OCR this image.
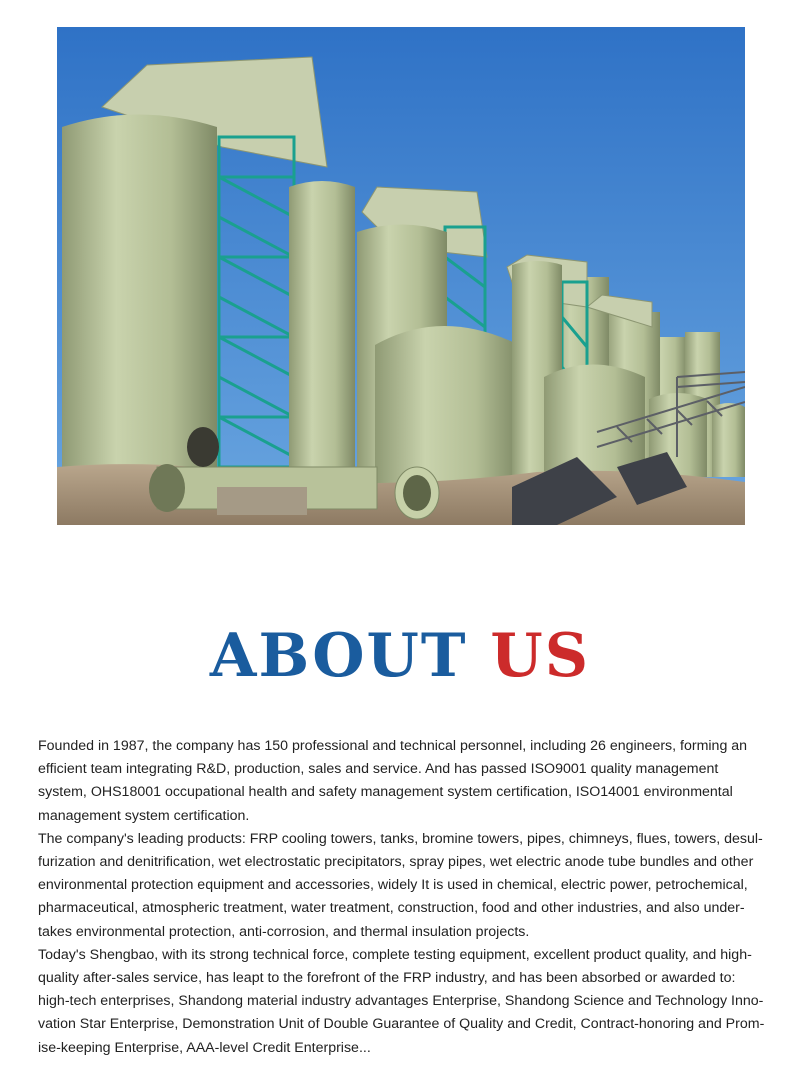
ABOUT US

Founded in 1987, the company has 150 professional and technical personnel, including 26 engineers, forming an efficient team integrating R&D, production, sales and service. And has passed ISO9001 quality management system, OHS18001 occupational health and safety management system certification, ISO14001 environmental management system certification.

The company's leading products: FRP cooling towers, tanks, bromine towers, pipes, chimneys, flues, towers, desul-furization and denitrification, wet electrostatic precipitators, spray pipes, wet electric anode tube bundles and other environmental protection equipment and accessories, widely It is used in chemical, electric power, petrochemical, pharmaceutical, atmospheric treatment, water treatment, construction, food and other industries, and also under-takes environmental protection, anti-corrosion, and thermal insulation projects.

Today's Shengbao, with its strong technical force, complete testing equipment, excellent product quality, and high-quality after-sales service, has leapt to the forefront of the FRP industry, and has been absorbed or awarded to: high-tech enterprises, Shandong material industry advantages Enterprise, Shandong Science and Technology Inno-vation Star Enterprise, Demonstration Unit of Double Guarantee of Quality and Credit, Contract-honoring and Prom-ise-keeping Enterprise, AAA-level Credit Enterprise...
